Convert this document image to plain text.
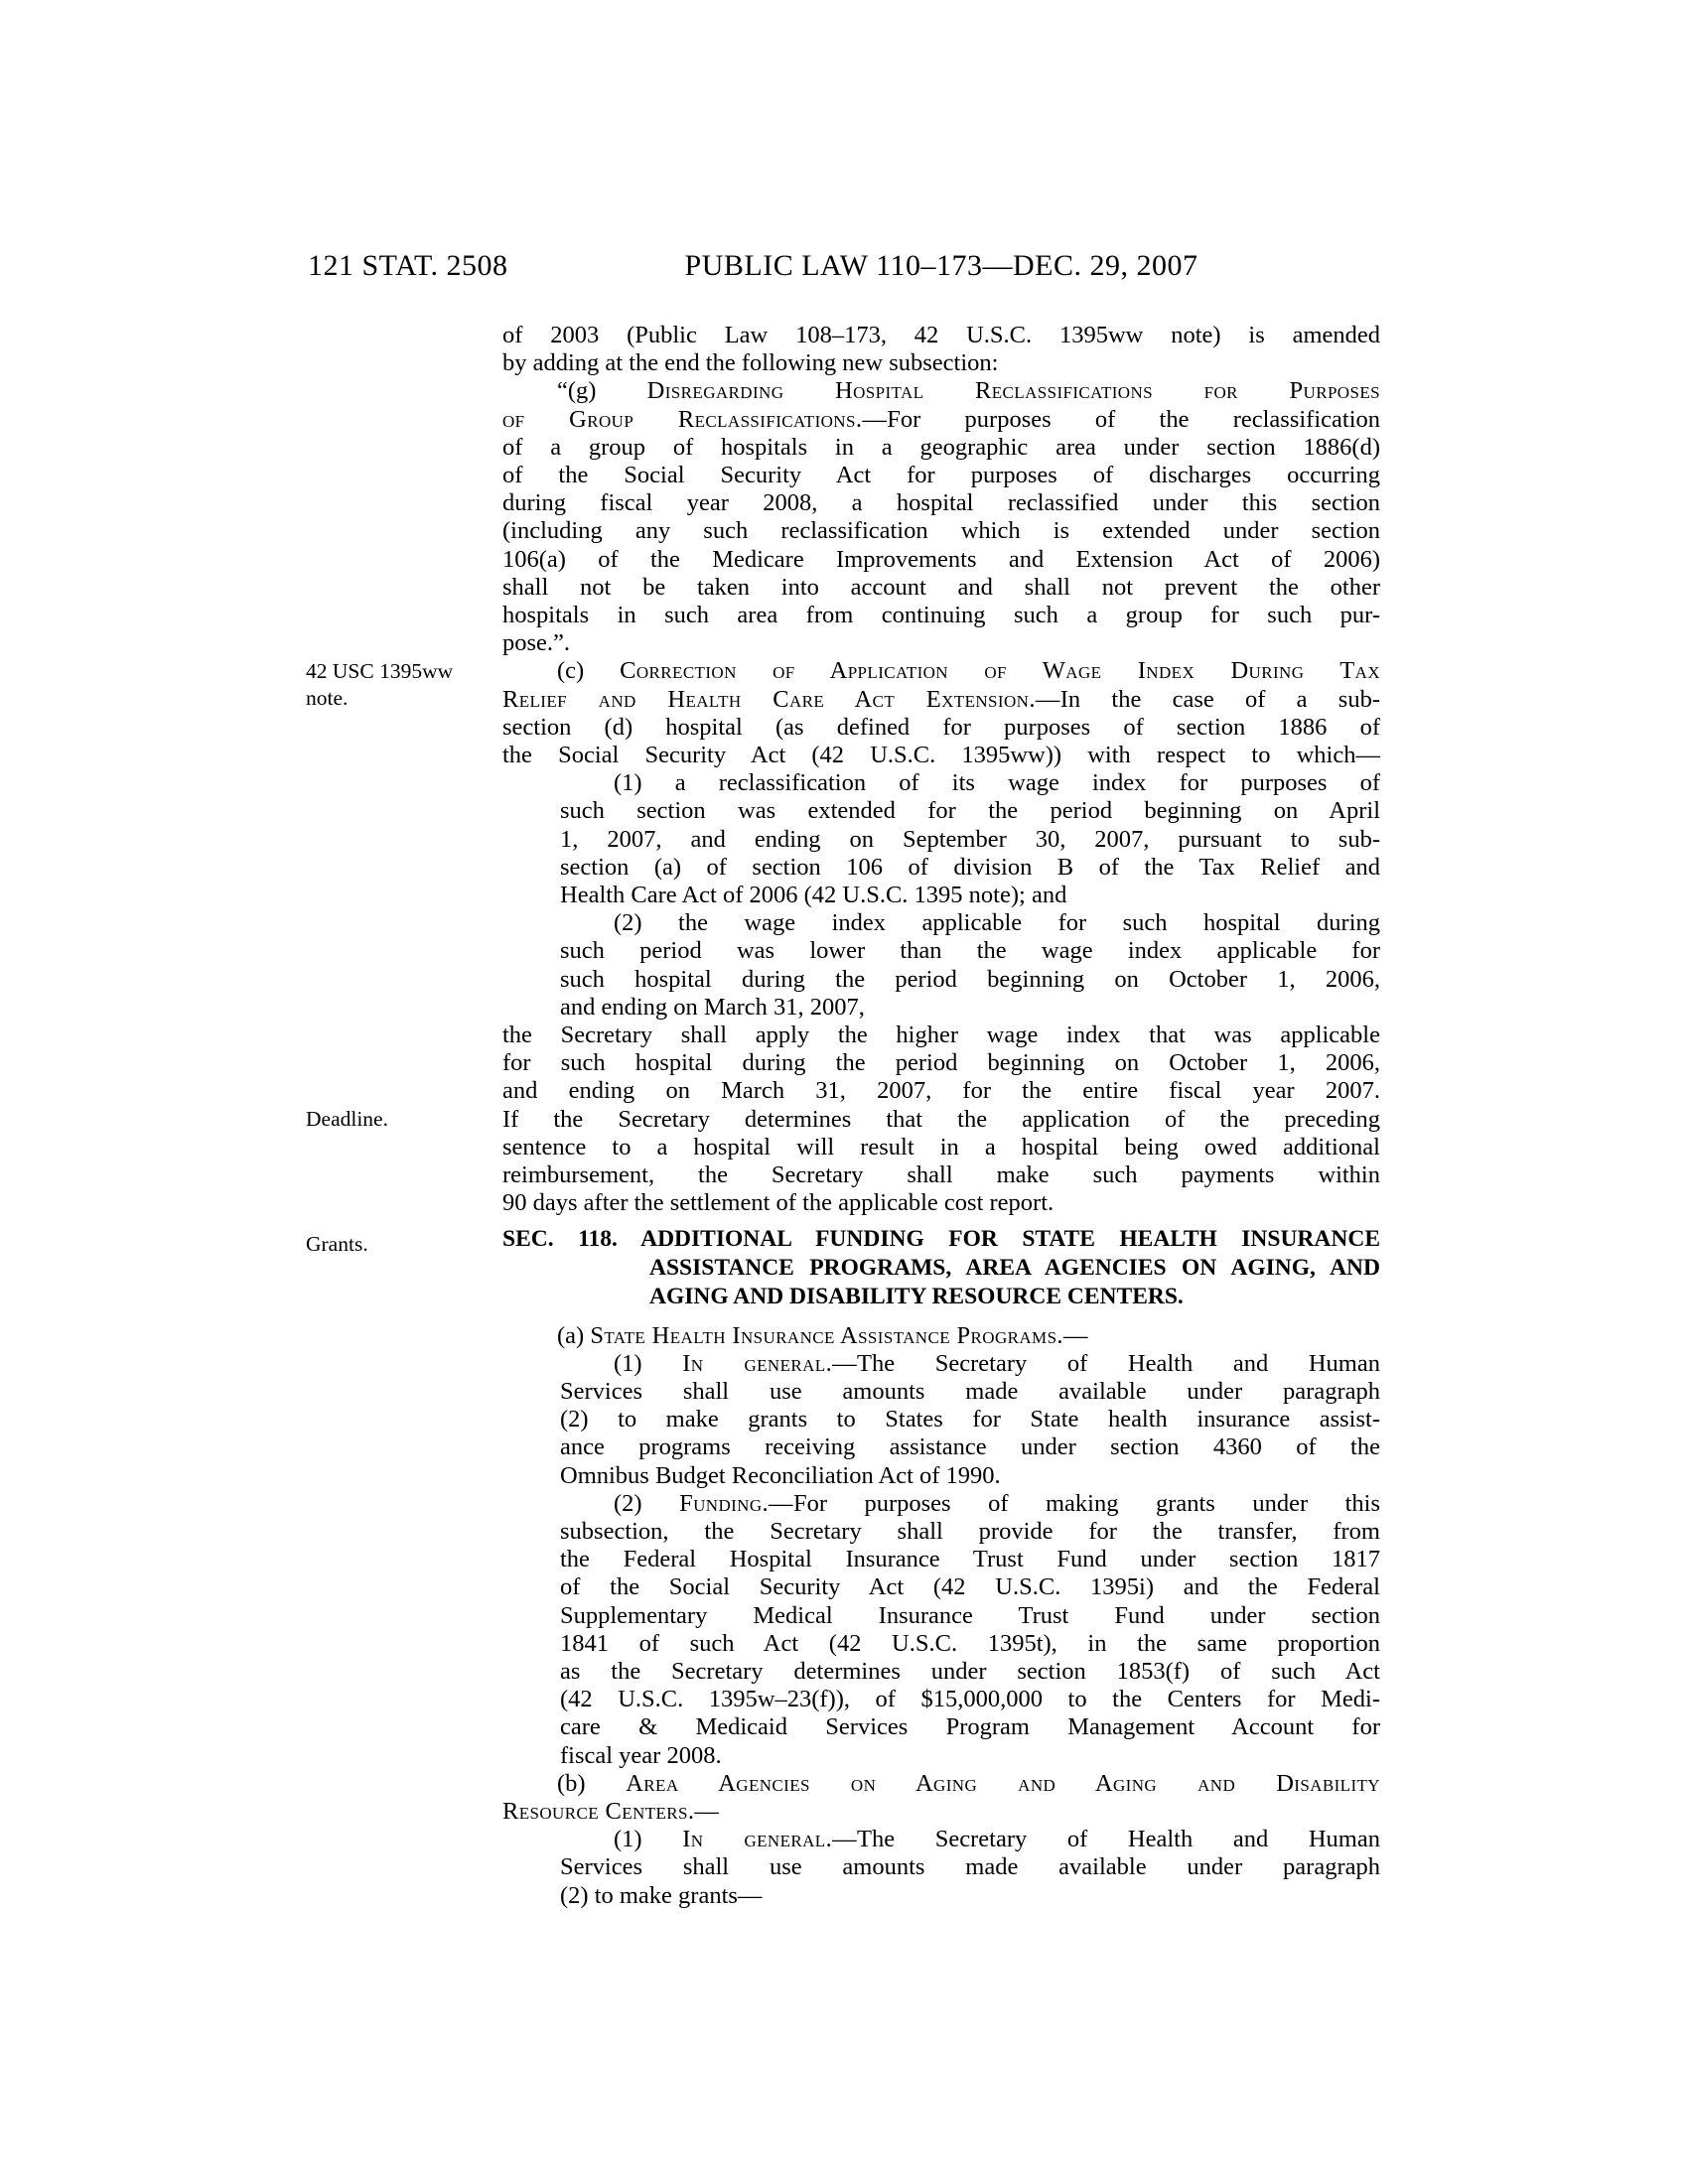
121 STAT. 2508	PUBLIC LAW 110–173—DEC. 29, 2007
42 USC 1395ww
note.
Deadline.
Grants.
of 2003 (Public Law 108–173, 42 U.S.C. 1395ww note) is amended
by adding at the end the following new subsection:
“(g) Disregarding Hospital Reclassifications for Purposes
of Group Reclassifications.—For purposes of the reclassification
of a group of hospitals in a geographic area under section 1886(d)
of the Social Security Act for purposes of discharges occurring
during fiscal year 2008, a hospital reclassified under this section
(including any such reclassification which is extended under section
106(a) of the Medicare Improvements and Extension Act of 2006)
shall not be taken into account and shall not prevent the other
hospitals in such area from continuing such a group for such pur-
pose.”.
(c) Correction of Application of Wage Index During Tax
Relief and Health Care Act Extension.—In the case of a sub-
section (d) hospital (as defined for purposes of section 1886 of
the Social Security Act (42 U.S.C. 1395ww)) with respect to which—
(1) a reclassification of its wage index for purposes of
such section was extended for the period beginning on April
1, 2007, and ending on September 30, 2007, pursuant to sub-
section (a) of section 106 of division B of the Tax Relief and
Health Care Act of 2006 (42 U.S.C. 1395 note); and
(2) the wage index applicable for such hospital during
such period was lower than the wage index applicable for
such hospital during the period beginning on October 1, 2006,
and ending on March 31, 2007,
the Secretary shall apply the higher wage index that was applicable
for such hospital during the period beginning on October 1, 2006,
and ending on March 31, 2007, for the entire fiscal year 2007.
If the Secretary determines that the application of the preceding
sentence to a hospital will result in a hospital being owed additional
reimbursement, the Secretary shall make such payments within
90 days after the settlement of the applicable cost report.
SEC. 118. ADDITIONAL FUNDING FOR STATE HEALTH INSURANCE
ASSISTANCE PROGRAMS, AREA AGENCIES ON AGING, AND
AGING AND DISABILITY RESOURCE CENTERS.
(a) State Health Insurance Assistance Programs.—
(1) In general.—The Secretary of Health and Human
Services shall use amounts made available under paragraph
(2) to make grants to States for State health insurance assist-
ance programs receiving assistance under section 4360 of the
Omnibus Budget Reconciliation Act of 1990.
(2) Funding.—For purposes of making grants under this
subsection, the Secretary shall provide for the transfer, from
the Federal Hospital Insurance Trust Fund under section 1817
of the Social Security Act (42 U.S.C. 1395i) and the Federal
Supplementary Medical Insurance Trust Fund under section
1841 of such Act (42 U.S.C. 1395t), in the same proportion
as the Secretary determines under section 1853(f) of such Act
(42 U.S.C. 1395w–23(f)), of $15,000,000 to the Centers for Medi-
care & Medicaid Services Program Management Account for
fiscal year 2008.
(b) Area Agencies on Aging and Aging and Disability
Resource Centers.—
(1) In general.—The Secretary of Health and Human
Services shall use amounts made available under paragraph
(2) to make grants—
